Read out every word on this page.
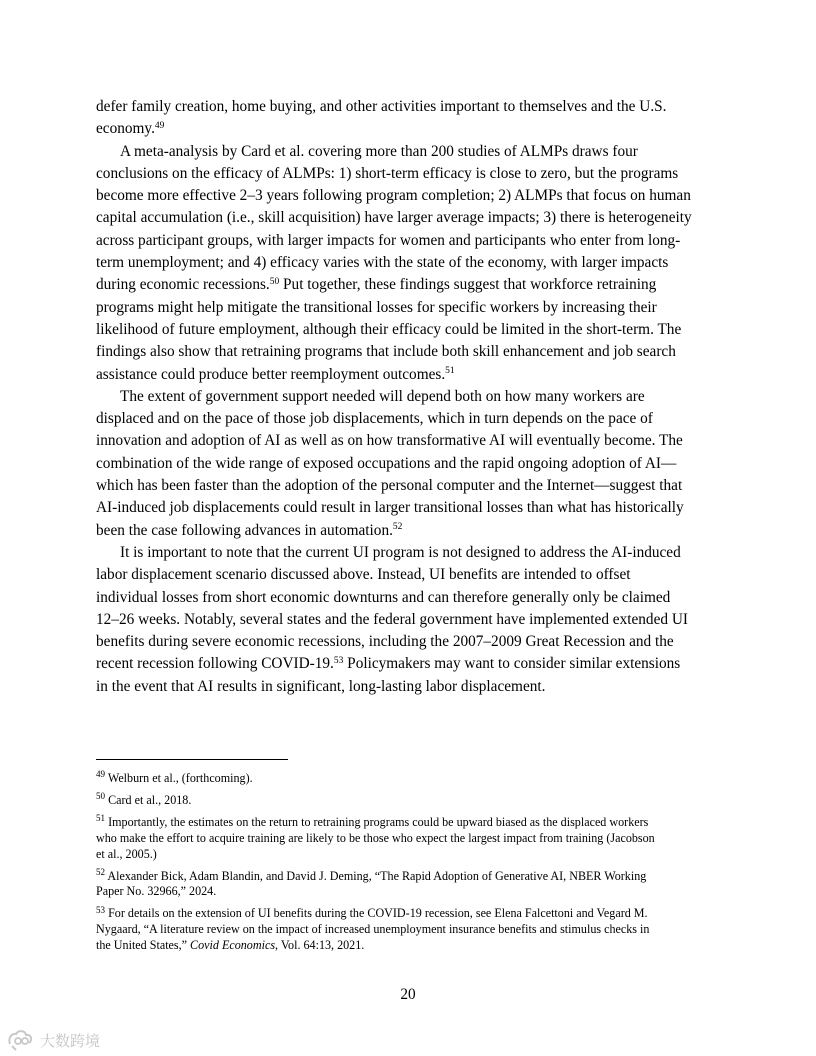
defer family creation, home buying, and other activities important to themselves and the U.S.
economy.$^{49}$
A meta-analysis by Card et al. covering more than 200 studies of ALMPs draws four
conclusions on the efficacy of ALMPs: 1) short-term efficacy is close to zero, but the programs
become more effective 2–3 years following program completion; 2) ALMPs that focus on human
capital accumulation (i.e., skill acquisition) have larger average impacts; 3) there is heterogeneity
across participant groups, with larger impacts for women and participants who enter from long-
term unemployment; and 4) efficacy varies with the state of the economy, with larger impacts
during economic recessions.$^{50}$ Put together, these findings suggest that workforce retraining
programs might help mitigate the transitional losses for specific workers by increasing their
likelihood of future employment, although their efficacy could be limited in the short-term. The
findings also show that retraining programs that include both skill enhancement and job search
assistance could produce better reemployment outcomes.$^{51}$
The extent of government support needed will depend both on how many workers are
displaced and on the pace of those job displacements, which in turn depends on the pace of
innovation and adoption of AI as well as on how transformative AI will eventually become. The
combination of the wide range of exposed occupations and the rapid ongoing adoption of AI—
which has been faster than the adoption of the personal computer and the Internet—suggest that
AI-induced job displacements could result in larger transitional losses than what has historically
been the case following advances in automation.$^{52}$
It is important to note that the current UI program is not designed to address the AI-induced
labor displacement scenario discussed above. Instead, UI benefits are intended to offset
individual losses from short economic downturns and can therefore generally only be claimed
12–26 weeks. Notably, several states and the federal government have implemented extended UI
benefits during severe economic recessions, including the 2007–2009 Great Recession and the
recent recession following COVID-19.53 Policymakers may want to consider similar extensions
in the event that AI results in significant, long-lasting labor displacement.
$^{49}$ Welburn et al., (forthcoming).
$^{50}$ Card et al., 2018.
$^{51}$ Importantly, the estimates on the return to retraining programs could be upward biased as the displaced workers
who make the effort to acquire training are likely to be those who expect the largest impact from training (Jacobson
et al., 2005.)
$^{52}$ Alexander Bick, Adam Blandin, and David J. Deming, “The Rapid Adoption of Generative AI, NBER Working
Paper No. 32966,” 2024.
$^{53}$ For details on the extension of UI benefits during the COVID-19 recession, see Elena Falcettoni and Vegard M.
Nygaard, “A literature review on the impact of increased unemployment insurance benefits and stimulus checks in
the United States,” Covid Economics, Vol. 64:13, 2021.
20
大数跨境
